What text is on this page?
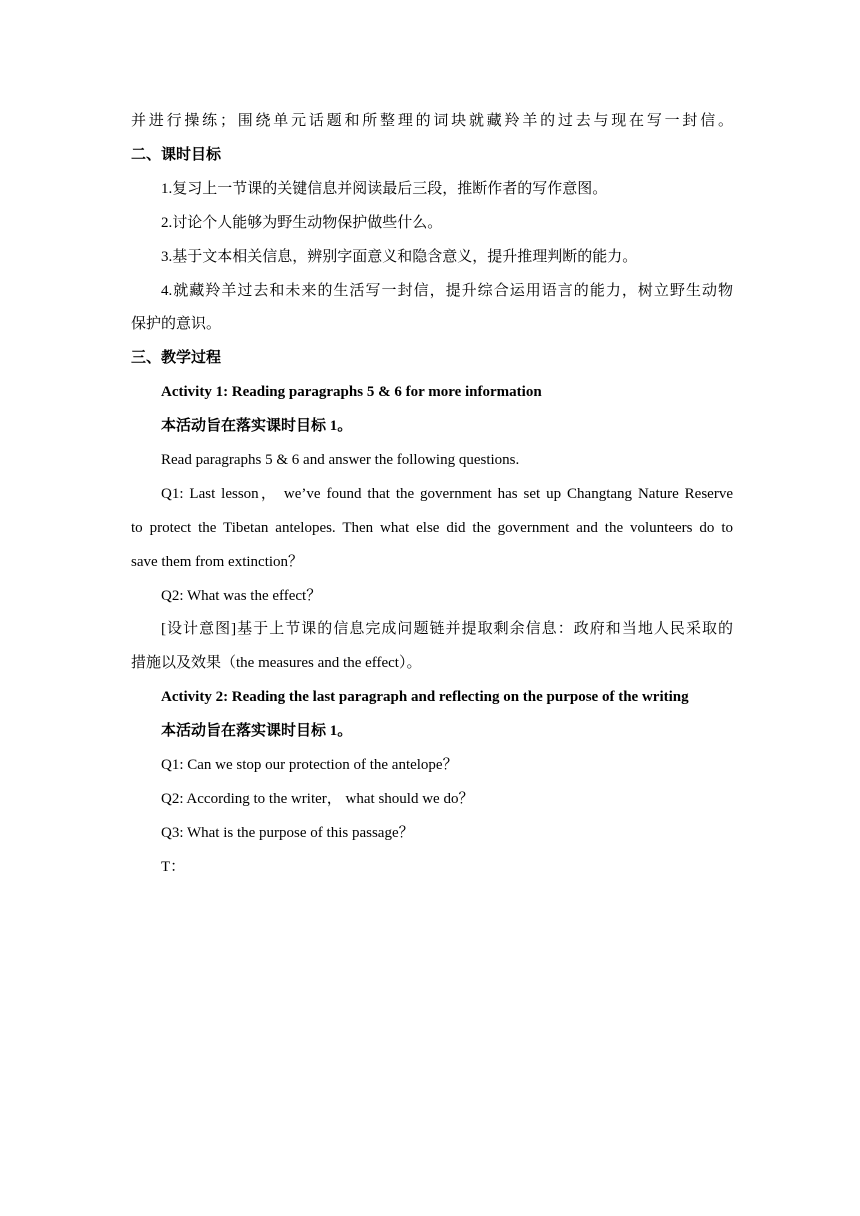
并进行操练；围绕单元话题和所整理的词块就藏羚羊的过去与现在写一封信。
二、课时目标
1.复习上一节课的关键信息并阅读最后三段，推断作者的写作意图。
2.讨论个人能够为野生动物保护做些什么。
3.基于文本相关信息，辨别字面意义和隐含意义，提升推理判断的能力。
4.就藏羚羊过去和未来的生活写一封信，提升综合运用语言的能力，树立野生动物
保护的意识。
三、教学过程
Activity 1: Reading paragraphs 5 & 6 for more information
本活动旨在落实课时目标 1。
Read paragraphs 5 & 6 and answer the following questions.
Q1: Last lesson， we’ve found that the government has set up Changtang Nature Reserve
to protect the Tibetan antelopes. Then what else did the government and the volunteers do to
save them from extinction？
Q2: What was the effect？
[设计意图]基于上节课的信息完成问题链并提取剩余信息：政府和当地人民采取的
措施以及效果（the measures and the effect）。
Activity 2: Reading the last paragraph and reflecting on the purpose of the writing
本活动旨在落实课时目标 1。
Q1: Can we stop our protection of the antelope？
Q2: According to the writer， what should we do？
Q3: What is the purpose of this passage？
T：
